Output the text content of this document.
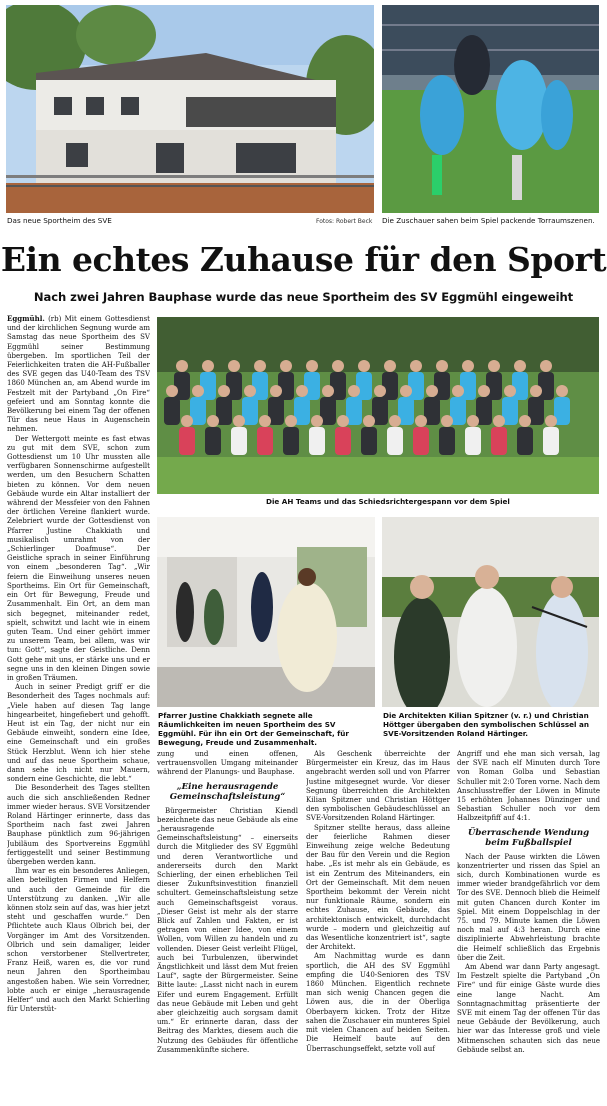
Das neue Sportheim des SVE	Fotos: Robert Beck	Die Zuschauer sahen beim Spiel packende Torraumszenen.
Ein echtes Zuhause für den Sport
Nach zwei Jahren Bauphase wurde das neue Sportheim des SV Eggmühl eingeweiht
Die AH Teams und das Schiedsrichtergespann vor dem Spiel
Pfarrer Justine Chakkiath segnete alle Räumlichkeiten im neuen Sportheim des SV Eggmühl. Für ihn ein Ort der Gemeinschaft, für Bewegung, Freude und Zusammenhalt.
Die Architekten Kilian Spitzner (v. r.) und Christian Höttger übergaben den symbolischen Schlüssel an SVE-Vorsitzenden Roland Härtinger.

Eggmühl. (rb) Mit einem Gottesdienst und der kirchlichen Segnung wurde am Samstag das neue Sportheim des SV Eggmühl seiner Bestimmung übergeben. Im sportlichen Teil der Feierlichkeiten traten die AH-Fußballer des SVE gegen das U40-Team des TSV 1860 München an, am Abend wurde im Festzelt mit der Partyband „On Fire“ gefeiert und am Sonntag konnte die Bevölkerung bei einem Tag der offenen Tür das neue Haus in Augenschein nehmen.

Der Wettergott meinte es fast etwas zu gut mit dem SVE, schon zum Gottesdienst um 10 Uhr mussten alle verfügbaren Sonnenschirme aufgestellt werden, um den Besuchern Schatten bieten zu können. Vor dem neuen Gebäude wurde ein Altar installiert der während der Messfeier von den Fahnen der örtlichen Vereine flankiert wurde. Zelebriert wurde der Gottesdienst von Pfarrer Justine Chakkiath und musikalisch umrahmt von der „Schierlinger Doafmuse“. Der Geistliche sprach in seiner Einführung von einem „besonderen Tag“. „Wir feiern die Einweihung unseres neuen Sportheims. Ein Ort für Gemeinschaft, ein Ort für Bewegung, Freude und Zusammenhalt. Ein Ort, an dem man sich begegnet, miteinander redet, spielt, schwitzt und lacht wie in einem guten Team. Und einer gehört immer zu unserem Team, bei allem, was wir tun: Gott“, sagte der Geistliche. Denn Gott gehe mit uns, er stärke uns und er segne uns in den kleinen Dingen sowie in großen Träumen.

Auch in seiner Predigt griff er die Besonderheit des Tages nochmals auf: „Viele haben auf diesen Tag lange hingearbeitet, hingefiebert und gehofft. Heut ist ein Tag, der nicht nur ein Gebäude einweiht, sondern eine Idee, eine Gemeinschaft und ein großes Stück Herzblut. Wenn ich hier stehe und auf das neue Sportheim schaue, dann sehe ich nicht nur Mauern, sondern eine Geschichte, die lebt.“

Die Besonderheit des Tages stellten auch die sich anschließenden Redner immer wieder heraus. SVE Vorsitzender Roland Härtinger erinnerte, dass das Sportheim nach fast zwei Jahren Bauphase pünktlich zum 96-jährigen Jubiläum des Sportvereins Eggmühl fertiggestellt und seiner Bestimmung übergeben werden kann.

Ihm war es ein besonderes Anliegen, allen beteiligten Firmen und Helfern und auch der Gemeinde für die Unterstützung zu danken. „Wir alle können stolz sein auf das, was hier jetzt steht und geschaffen wurde.“ Den Pflichtete auch Klaus Olbrich bei, der Vorgänger im Amt des Vorsitzenden. Olbrich und sein damaliger, leider schon verstorbener Stellvertreter, Franz Heiß, waren es, die vor rund neun Jahren den Sportheimbau angestoßen haben. Wie sein Vorredner, lobte auch er einige „herausragende Helfer“ und auch den Markt Schierling für Unterstüt-

zung und einen offenen, vertrauensvollen Umgang miteinander während der Planungs- und Bauphase.

„Eine herausragende Gemeinschaftsleistung“

Bürgermeister Christian Kiendl bezeichnete das neue Gebäude als eine „herausragende Gemeinschaftsleistung“ – einerseits durch die Mitglieder des SV Eggmühl und deren Verantwortliche und andererseits durch den Markt Schierling, der einen erheblichen Teil dieser Zukunftsinvestition finanziell schultert. Gemeinschaftsleistung setze auch Gemeinschaftsgeist voraus. „Dieser Geist ist mehr als der starre Blick auf Zahlen und Fakten, er ist getragen von einer Idee, von einem Wollen, vom Willen zu handeln und zu vollenden. Dieser Geist verleiht Flügel, auch bei Turbulenzen, überwindet Ängstlichkeit und lässt dem Mut freien Lauf“, sagte der Bürgermeister. Seine Bitte laute: „Lasst nicht nach in eurem Eifer und eurem Engagement. Erfüllt das neue Gebäude mit Leben und geht aber gleichzeitig auch sorgsam damit um.“ Er erinnerte daran, dass der Beitrag des Marktes, diesem auch die Nutzung des Gebäudes für öffentliche Zusammenkünfte sichere.

Als Geschenk überreichte der Bürgermeister ein Kreuz, das im Haus angebracht werden soll und von Pfarrer Justine mitgesegnet wurde. Vor dieser Segnung überreichten die Architekten Kilian Spitzner und Christian Höttger den symbolischen Gebäudeschlüssel an SVE-Vorsitzenden Roland Härtinger.

Spitzner stellte heraus, dass alleine der feierliche Rahmen dieser Einweihung zeige welche Bedeutung der Bau für den Verein und die Region habe. „Es ist mehr als ein Gebäude, es ist ein Zentrum des Miteinanders, ein Ort der Gemeinschaft. Mit dem neuen Sportheim bekommt der Verein nicht nur funktionale Räume, sondern ein echtes Zuhause, ein Gebäude, das architektonisch entwickelt, durchdacht wurde – modern und gleichzeitig auf das Wesentliche konzentriert ist“, sagte der Architekt.

Am Nachmittag wurde es dann sportlich, die AH des SV Eggmühl empfing die U40-Senioren des TSV 1860 München. Eigentlich rechnete man sich wenig Chancen gegen die Löwen aus, die in der Oberliga Oberbayern kicken. Trotz der Hitze sahen die Zuschauer ein munteres Spiel mit vielen Chancen auf beiden Seiten. Die Heimelf baute auf den Überraschungseffekt, setzte voll auf

Angriff und ehe man sich versah, lag der SVE nach elf Minuten durch Tore von Roman Golba und Sebastian Schuller mit 2:0 Toren vorne. Nach dem Anschlusstreffer der Löwen in Minute 15 erhöhten Johannes Dünzinger und Sebastian Schuller noch vor dem Halbzeitpfiff auf 4:1.

Überraschende Wendung beim Fußballspiel

Nach der Pause wirkten die Löwen konzentrierter und rissen das Spiel an sich, durch Kombinationen wurde es immer wieder brandgefährlich vor dem Tor des SVE. Dennoch blieb die Heimelf mit guten Chancen durch Konter im Spiel. Mit einem Doppelschlag in der 75. und 79. Minute kamen die Löwen noch mal auf 4:3 heran. Durch eine disziplinierte Abwehrleistung brachte die Heimelf schließlich das Ergebnis über die Zeit.

Am Abend war dann Party angesagt. Im Festzelt spielte die Partyband „On Fire“ und für einige Gäste wurde dies eine lange Nacht. Am Sonntagnachmittag präsentierte der SVE mit einem Tag der offenen Tür das neue Gebäude der Bevölkerung, auch hier war das Interesse groß und viele Mitmenschen schauten sich das neue Gebäude selbst an.
